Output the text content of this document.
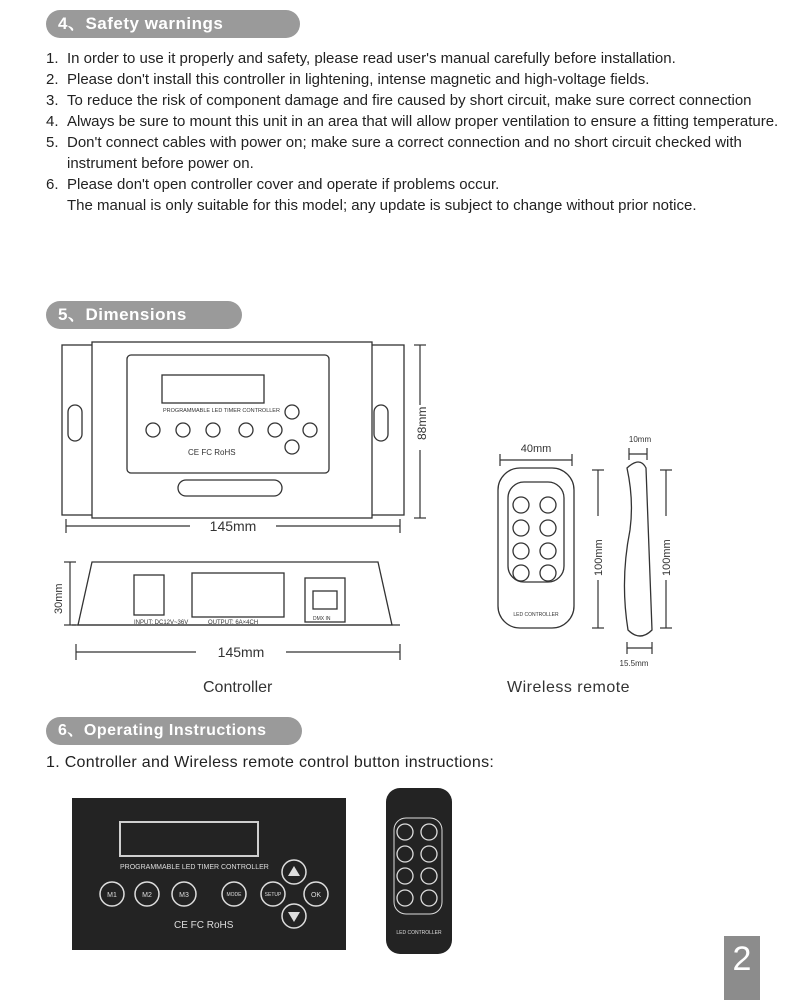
4、Safety warnings
1. In order to use it properly and safety, please read user's manual carefully before installation.
2. Please don't install this controller in lightening, intense magnetic and high-voltage fields.
3. To reduce the risk of component damage and fire caused by short circuit, make sure correct connection
4. Always be sure to mount this unit in an area that will allow proper ventilation to ensure a fitting temperature.
5. Don't connect cables with power on; make sure a correct connection and no short circuit checked with instrument before power on.
6. Please don't open controller cover and operate if problems occur.
The manual is only suitable for this model; any update is subject to change without prior notice.
5、Dimensions
PROGRAMMABLE LED TIMER CONTROLLER
CE FC RoHS
88mm
145mm
INPUT: DC12V~36V	OUTPUT: 6A×4CH
DMX IN
30mm
145mm
LED CONTROLLER
40mm
100mm
10mm
100mm
15.5mm
Controller	Wireless remote
6、Operating Instructions
1. Controller and Wireless remote control button instructions:
PROGRAMMABLE LED TIMER CONTROLLER
M1	M2	M3	MODE	SETUP	OK
CE FC RoHS
LED CONTROLLER
2
